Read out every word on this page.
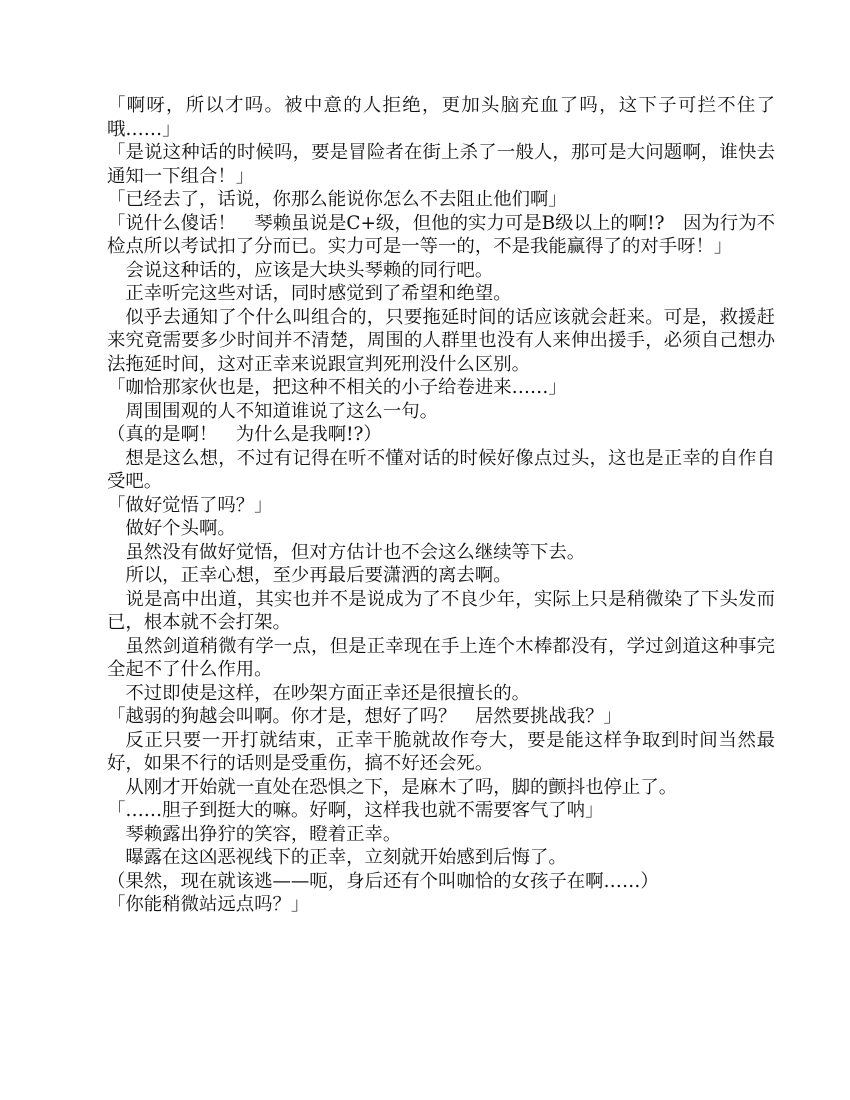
「啊呀，所以才吗。被中意的人拒绝，更加头脑充血了吗，这下子可拦不住了哦……」

「是说这种话的时候吗，要是冒险者在街上杀了一般人，那可是大问题啊，谁快去通知一下组合！」

「已经去了，话说，你那么能说你怎么不去阻止他们啊」

「说什么傻话！　琴赖虽说是C+级，但他的实力可是B级以上的啊!?　因为行为不检点所以考试扣了分而已。实力可是一等一的，不是我能赢得了的对手呀！」

会说这种话的，应该是大块头琴赖的同行吧。

正幸听完这些对话，同时感觉到了希望和绝望。

似乎去通知了个什么叫组合的，只要拖延时间的话应该就会赶来。可是，救援赶来究竟需要多少时间并不清楚，周围的人群里也没有人来伸出援手，必须自己想办法拖延时间，这对正幸来说跟宣判死刑没什么区别。

「咖恰那家伙也是，把这种不相关的小子给卷进来……」

周围围观的人不知道谁说了这么一句。

（真的是啊！　为什么是我啊!?）

想是这么想，不过有记得在听不懂对话的时候好像点过头，这也是正幸的自作自受吧。

「做好觉悟了吗？」

做好个头啊。

虽然没有做好觉悟，但对方估计也不会这么继续等下去。

所以，正幸心想，至少再最后要潇洒的离去啊。

说是高中出道，其实也并不是说成为了不良少年，实际上只是稍微染了下头发而已，根本就不会打架。

虽然剑道稍微有学一点，但是正幸现在手上连个木棒都没有，学过剑道这种事完全起不了什么作用。

不过即使是这样，在吵架方面正幸还是很擅长的。

「越弱的狗越会叫啊。你才是，想好了吗？　居然要挑战我？」

反正只要一开打就结束，正幸干脆就故作夸大，要是能这样争取到时间当然最好，如果不行的话则是受重伤，搞不好还会死。

从刚才开始就一直处在恐惧之下，是麻木了吗，脚的颤抖也停止了。

「……胆子到挺大的嘛。好啊，这样我也就不需要客气了呐」

琴赖露出狰狞的笑容，瞪着正幸。

曝露在这凶恶视线下的正幸，立刻就开始感到后悔了。

（果然，现在就该逃——呃，身后还有个叫咖恰的女孩子在啊……）

「你能稍微站远点吗？」
